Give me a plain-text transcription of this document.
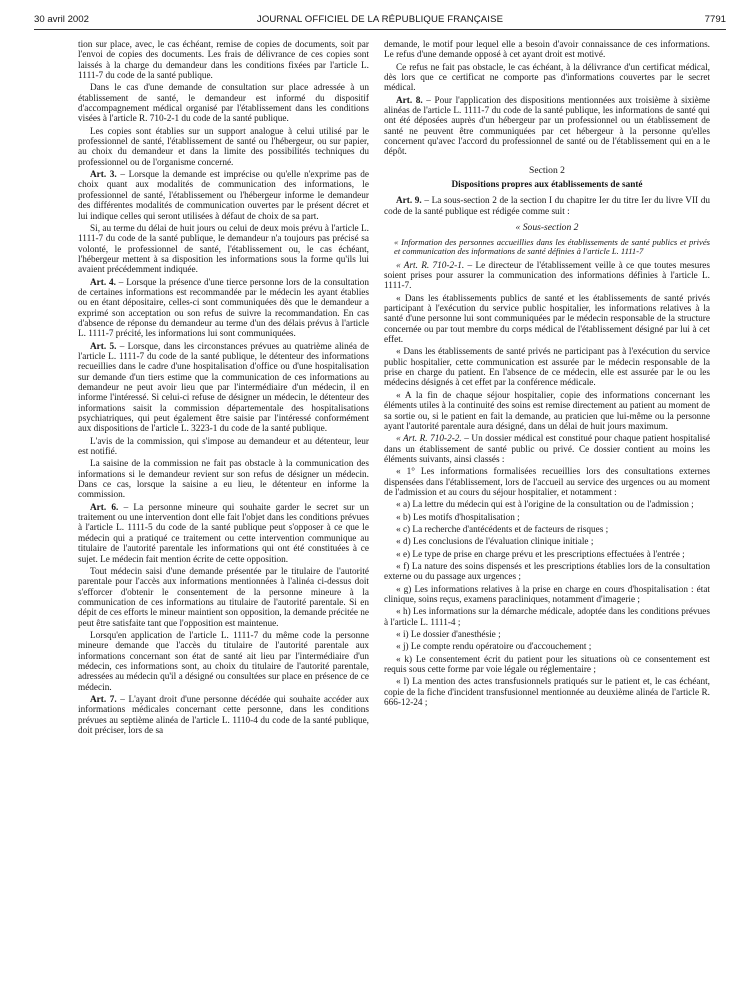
30 avril 2002	JOURNAL OFFICIEL DE LA RÉPUBLIQUE FRANÇAISE	7791

tion sur place, avec, le cas échéant, remise de copies de documents, soit par l'envoi de copies des documents. Les frais de délivrance de ces copies sont laissés à la charge du demandeur dans les conditions fixées par l'article L. 1111-7 du code de la santé publique.

Dans le cas d'une demande de consultation sur place adressée à un établissement de santé, le demandeur est informé du dispositif d'accompagnement médical organisé par l'établissement dans les conditions visées à l'article R. 710-2-1 du code de la santé publique.

Les copies sont établies sur un support analogue à celui utilisé par le professionnel de santé, l'établissement de santé ou l'hébergeur, ou sur papier, au choix du demandeur et dans la limite des possibilités techniques du professionnel ou de l'organisme concerné.

Art. 3. – Lorsque la demande est imprécise ou qu'elle n'exprime pas de choix quant aux modalités de communication des informations, le professionnel de santé, l'établissement ou l'hébergeur informe le demandeur des différentes modalités de communication ouvertes par le présent décret et lui indique celles qui seront utilisées à défaut de choix de sa part.

Si, au terme du délai de huit jours ou celui de deux mois prévu à l'article L. 1111-7 du code de la santé publique, le demandeur n'a toujours pas précisé sa volonté, le professionnel de santé, l'établissement ou, le cas échéant, l'hébergeur mettent à sa disposition les informations sous la forme qu'ils lui avaient précédemment indiquée.

Art. 4. – Lorsque la présence d'une tierce personne lors de la consultation de certaines informations est recommandée par le médecin les ayant établies ou en étant dépositaire, celles-ci sont communiquées dès que le demandeur a exprimé son acceptation ou son refus de suivre la recommandation. En cas d'absence de réponse du demandeur au terme d'un des délais prévus à l'article L. 1111-7 précité, les informations lui sont communiquées.

Art. 5. – Lorsque, dans les circonstances prévues au quatrième alinéa de l'article L. 1111-7 du code de la santé publique, le détenteur des informations recueillies dans le cadre d'une hospitalisation d'office ou d'une hospitalisation sur demande d'un tiers estime que la communication de ces informations au demandeur ne peut avoir lieu que par l'intermédiaire d'un médecin, il en informe l'intéressé. Si celui-ci refuse de désigner un médecin, le détenteur des informations saisit la commission départementale des hospitalisations psychiatriques, qui peut également être saisie par l'intéressé conformément aux dispositions de l'article L. 3223-1 du code de la santé publique.

L'avis de la commission, qui s'impose au demandeur et au détenteur, leur est notifié.

La saisine de la commission ne fait pas obstacle à la communication des informations si le demandeur revient sur son refus de désigner un médecin. Dans ce cas, lorsque la saisine a eu lieu, le détenteur en informe la commission.

Art. 6. – La personne mineure qui souhaite garder le secret sur un traitement ou une intervention dont elle fait l'objet dans les conditions prévues à l'article L. 1111-5 du code de la santé publique peut s'opposer à ce que le médecin qui a pratiqué ce traitement ou cette intervention communique au titulaire de l'autorité parentale les informations qui ont été constituées à ce sujet. Le médecin fait mention écrite de cette opposition.

Tout médecin saisi d'une demande présentée par le titulaire de l'autorité parentale pour l'accès aux informations mentionnées à l'alinéa ci-dessus doit s'efforcer d'obtenir le consentement de la personne mineure à la communication de ces informations au titulaire de l'autorité parentale. Si en dépit de ces efforts le mineur maintient son opposition, la demande précitée ne peut être satisfaite tant que l'opposition est maintenue.

Lorsqu'en application de l'article L. 1111-7 du même code la personne mineure demande que l'accès du titulaire de l'autorité parentale aux informations concernant son état de santé ait lieu par l'intermédiaire d'un médecin, ces informations sont, au choix du titulaire de l'autorité parentale, adressées au médecin qu'il a désigné ou consultées sur place en présence de ce médecin.

Art. 7. – L'ayant droit d'une personne décédée qui souhaite accéder aux informations médicales concernant cette personne, dans les conditions prévues au septième alinéa de l'article L. 1110-4 du code de la santé publique, doit préciser, lors de sa

demande, le motif pour lequel elle a besoin d'avoir connaissance de ces informations. Le refus d'une demande opposé à cet ayant droit est motivé.

Ce refus ne fait pas obstacle, le cas échéant, à la délivrance d'un certificat médical, dès lors que ce certificat ne comporte pas d'informations couvertes par le secret médical.

Art. 8. – Pour l'application des dispositions mentionnées aux troisième à sixième alinéas de l'article L. 1111-7 du code de la santé publique, les informations de santé qui ont été déposées auprès d'un hébergeur par un professionnel ou un établissement de santé ne peuvent être communiquées par cet hébergeur à la personne qu'elles concernent qu'avec l'accord du professionnel de santé ou de l'établissement qui en a le dépôt.

Section 2

Dispositions propres aux établissements de santé

Art. 9. – La sous-section 2 de la section I du chapitre Ier du titre Ier du livre VII du code de la santé publique est rédigée comme suit :

« Sous-section 2

« Information des personnes accueillies dans les établissements de santé publics et privés et communication des informations de santé définies à l'article L. 1111-7

« Art. R. 710-2-1. – Le directeur de l'établissement veille à ce que toutes mesures soient prises pour assurer la communication des informations définies à l'article L. 1111-7.

« Dans les établissements publics de santé et les établissements de santé privés participant à l'exécution du service public hospitalier, les informations relatives à la santé d'une personne lui sont communiquées par le médecin responsable de la structure concernée ou par tout membre du corps médical de l'établissement désigné par lui à cet effet.

« Dans les établissements de santé privés ne participant pas à l'exécution du service public hospitalier, cette communication est assurée par le médecin responsable de la prise en charge du patient. En l'absence de ce médecin, elle est assurée par le ou les médecins désignés à cet effet par la conférence médicale.

« A la fin de chaque séjour hospitalier, copie des informations concernant les éléments utiles à la continuité des soins est remise directement au patient au moment de sa sortie ou, si le patient en fait la demande, au praticien que lui-même ou la personne ayant l'autorité parentale aura désigné, dans un délai de huit jours maximum.

« Art. R. 710-2-2. – Un dossier médical est constitué pour chaque patient hospitalisé dans un établissement de santé public ou privé. Ce dossier contient au moins les éléments suivants, ainsi classés :

« 1° Les informations formalisées recueillies lors des consultations externes dispensées dans l'établissement, lors de l'accueil au service des urgences ou au moment de l'admission et au cours du séjour hospitalier, et notamment :

« a) La lettre du médecin qui est à l'origine de la consultation ou de l'admission ;

« b) Les motifs d'hospitalisation ;

« c) La recherche d'antécédents et de facteurs de risques ;

« d) Les conclusions de l'évaluation clinique initiale ;

« e) Le type de prise en charge prévu et les prescriptions effectuées à l'entrée ;

« f) La nature des soins dispensés et les prescriptions établies lors de la consultation externe ou du passage aux urgences ;

« g) Les informations relatives à la prise en charge en cours d'hospitalisation : état clinique, soins reçus, examens paracliniques, notamment d'imagerie ;

« h) Les informations sur la démarche médicale, adoptée dans les conditions prévues à l'article L. 1111-4 ;

« i) Le dossier d'anesthésie ;

« j) Le compte rendu opératoire ou d'accouchement ;

« k) Le consentement écrit du patient pour les situations où ce consentement est requis sous cette forme par voie légale ou réglementaire ;

« l) La mention des actes transfusionnels pratiqués sur le patient et, le cas échéant, copie de la fiche d'incident transfusionnel mentionnée au deuxième alinéa de l'article R. 666-12-24 ;
